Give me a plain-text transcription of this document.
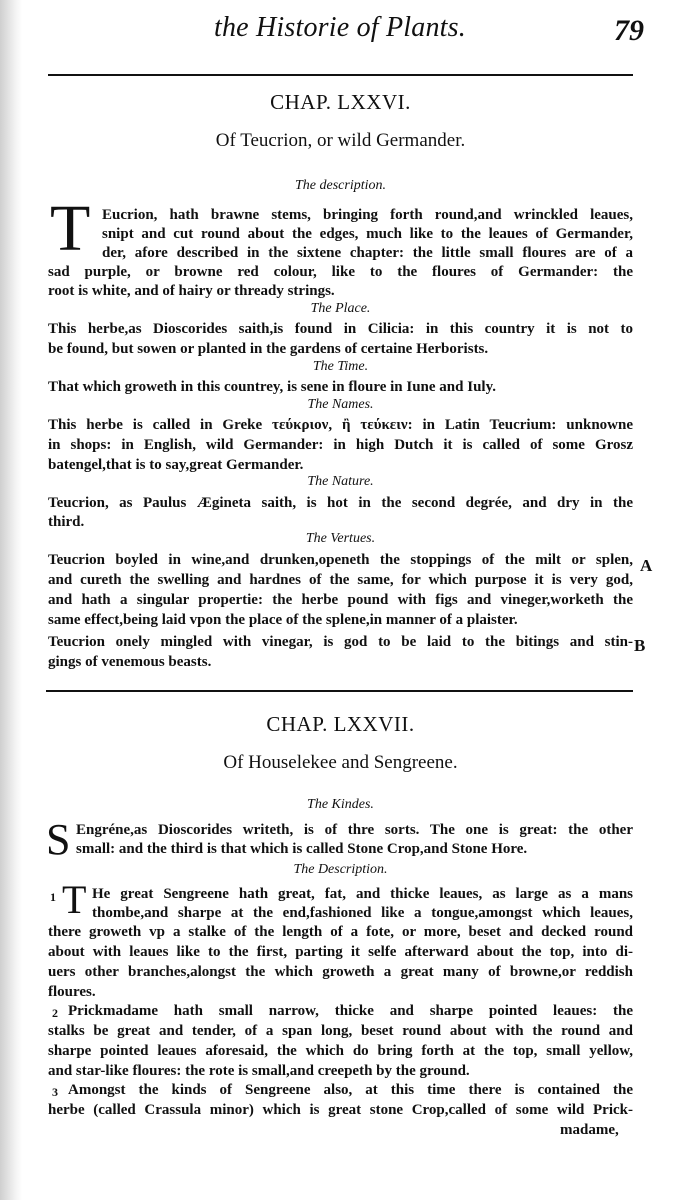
the Historie of Plants.	79
CHAP. LXXVI.
Of Teucrion, or wild Germander.
The description.
T Eucrion, hath brawne stems, bringing forth round,and wrinckled leaues,
snipt and cut round about the edges, much like to the leaues of Germander,
der, afore described in the sixtene chapter: the little small floures are of a
sad purple, or browne red colour, like to the floures of Germander: the
root is white, and of hairy or thready strings.
The Place.
This herbe,as Dioscorides saith,is found in Cilicia: in this country it is not to
be found, but sowen or planted in the gardens of certaine Herborists.
The Time.
That which groweth in this countrey, is sene in floure in Iune and Iuly.
The Names.
This herbe is called in Greke τεύκριον, ἢ τεύκειν: in Latin Teucrium: unknowne
in shops: in English, wild Germander: in high Dutch it is called of some Grosz
batengel,that is to say,great Germander.
The Nature.
Teucrion, as Paulus Ægineta saith, is hot in the second degrée, and dry in the
third.
The Vertues.
Teucrion boyled in wine,and drunken,openeth the stoppings of the milt or splen,
and cureth the swelling and hardnes of the same, for which purpose it is very god,
and hath a singular propertie: the herbe pound with figs and vineger,worketh the
same effect,being laid vpon the place of the splene,in manner of a plaister.
Teucrion onely mingled with vinegar, is god to be laid to the bitings and stin-
gings of venemous beasts.
A
B
CHAP. LXXVII.
Of Houselekee and Sengreene.
The Kindes.
S Engréne,as Dioscorides writeth, is of thre sorts. The one is great: the other
small: and the third is that which is called Stone Crop,and Stone Hore.
The Description.
1 T He great Sengreene hath great, fat, and thicke leaues, as large as a mans
thombe,and sharpe at the end,fashioned like a tongue,amongst which leaues,
there groweth vp a stalke of the length of a fote, or more, beset and decked round
about with leaues like to the first, parting it selfe afterward about the top, into di-
uers other branches,alongst the which groweth a great many of browne,or reddish
floures.
2 Prickmadame hath small narrow, thicke and sharpe pointed leaues: the
stalks be great and tender, of a span long, beset round about with the round and
sharpe pointed leaues aforesaid, the which do bring forth at the top, small yellow,
and star-like floures: the rote is small,and creepeth by the ground.
3 Amongst the kinds of Sengreene also, at this time there is contained the
herbe (called Crassula minor) which is great stone Crop,called of some wild Prick-
madame,
